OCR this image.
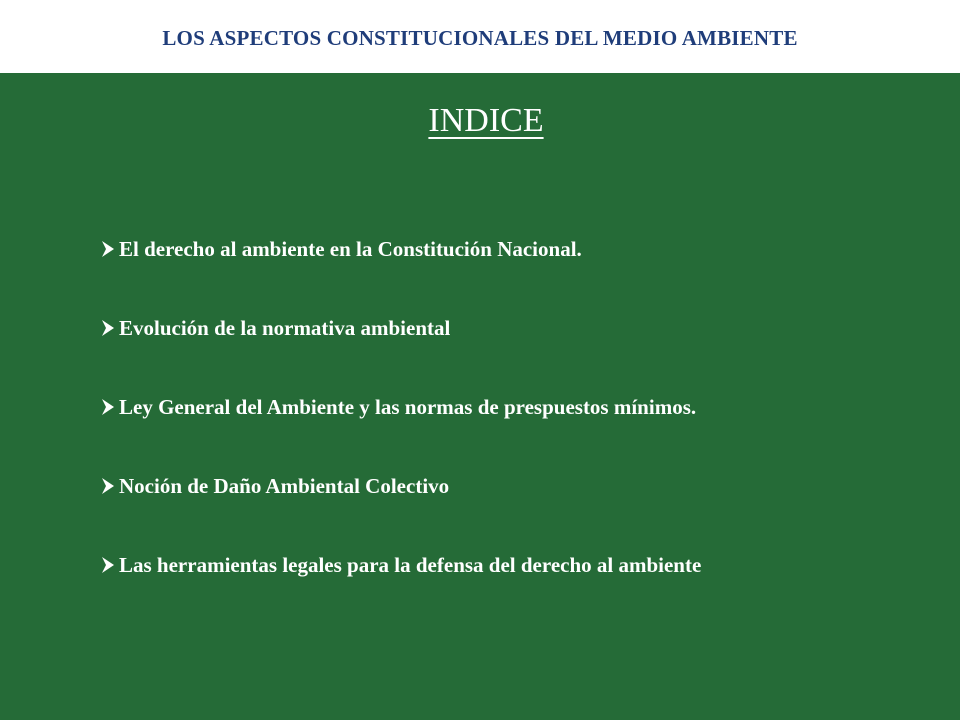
LOS ASPECTOS CONSTITUCIONALES DEL MEDIO AMBIENTE
INDICE
El derecho al ambiente en la Constitución Nacional.
Evolución de la normativa ambiental
Ley General del Ambiente y las normas de prespuestos mínimos.
Noción de Daño Ambiental Colectivo
Las herramientas legales para la defensa del derecho al ambiente
